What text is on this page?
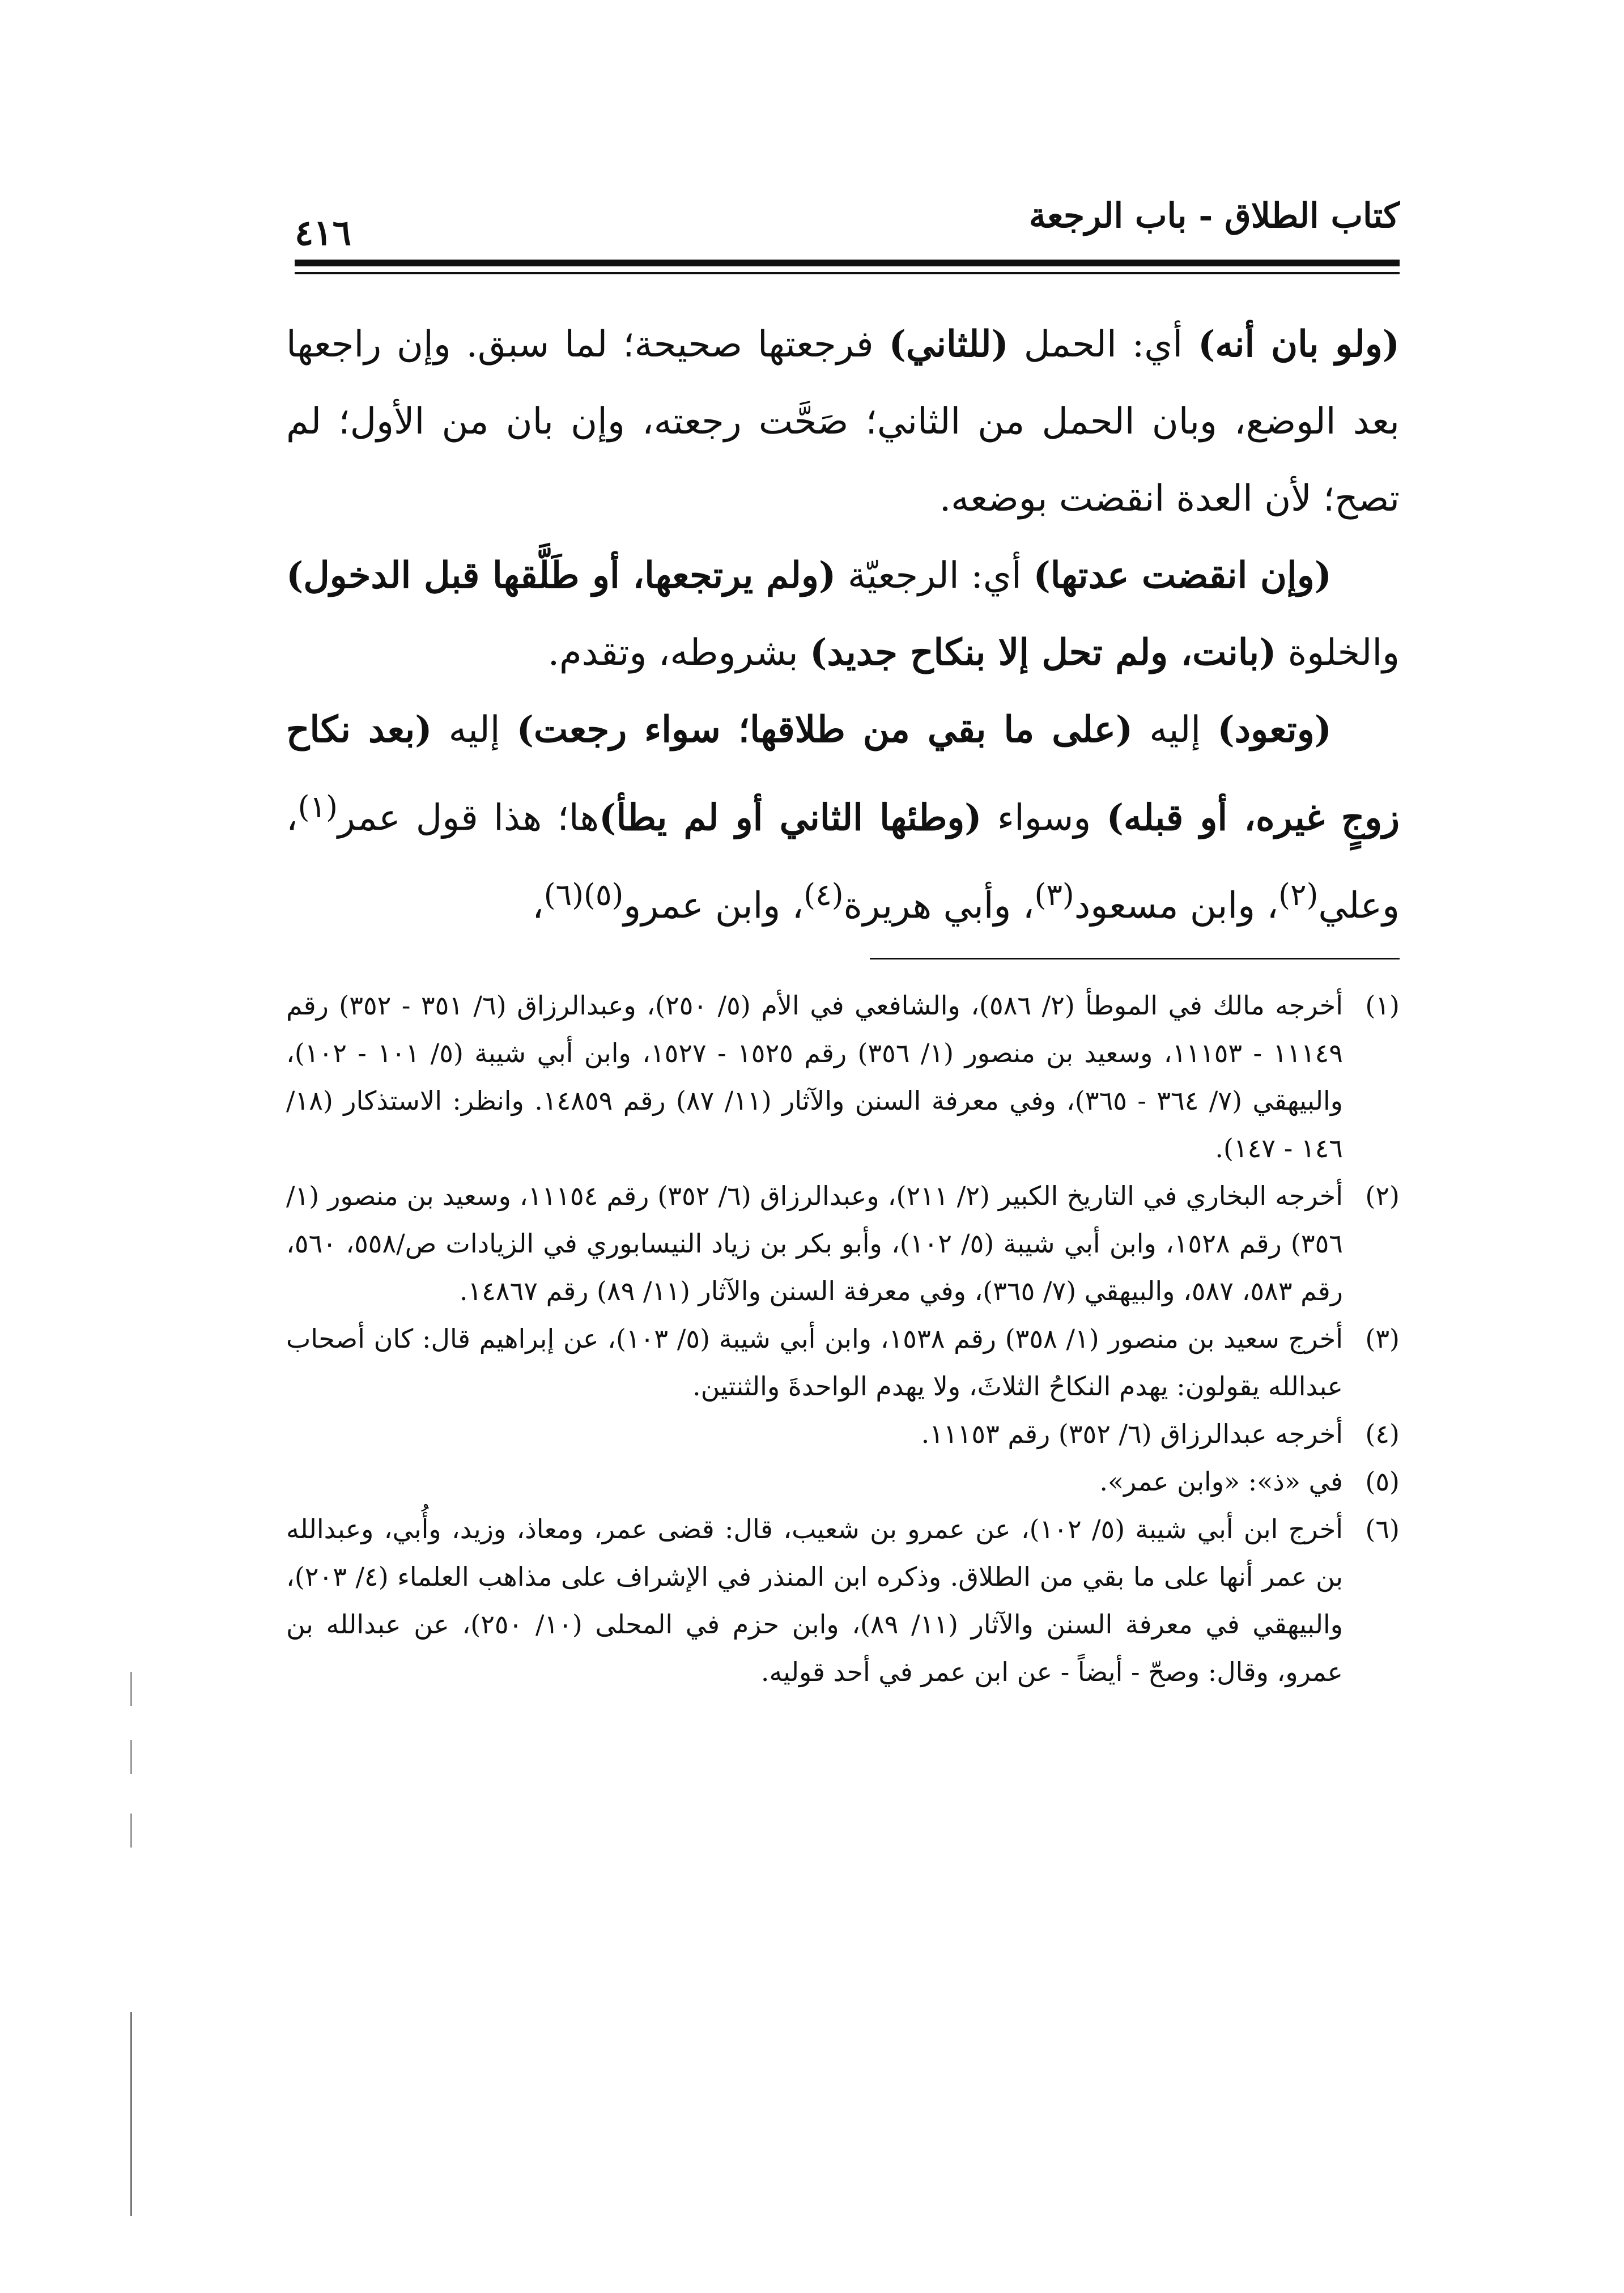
كتاب الطلاق - باب الرجعة
٤١٦

(ولو بان أنه) أي: الحمل (للثاني) فرجعتها صحيحة؛ لما سبق. وإن راجعها بعد الوضع، وبان الحمل من الثاني؛ صَحَّت رجعته، وإن بان من الأول؛ لم تصح؛ لأن العدة انقضت بوضعه.

(وإن انقضت عدتها) أي: الرجعيّة (ولم يرتجعها، أو طَلَّقها قبل الدخول) والخلوة (بانت، ولم تحل إلا بنكاح جديد) بشروطه، وتقدم.

(وتعود) إليه (على ما بقي من طلاقها؛ سواء رجعت) إليه (بعد نكاح زوجٍ غيره، أو قبله) وسواء (وطئها الثاني أو لم يطأ)ها؛ هذا قول عمر$^{(١)}$، وعلي$^{(٢)}$، وابن مسعود$^{(٣)}$، وأبي هريرة$^{(٤)}$، وابن عمرو$^{(٥)(٦)}$،

(١)
أخرجه مالك في الموطأ (٢/ ٥٨٦)، والشافعي في الأم (٥/ ٢٥٠)، وعبدالرزاق (٦/ ٣٥١ - ٣٥٢) رقم ١١١٤٩ - ١١١٥٣، وسعيد بن منصور (١/ ٣٥٦) رقم ١٥٢٥ - ١٥٢٧، وابن أبي شيبة (٥/ ١٠١ - ١٠٢)، والبيهقي (٧/ ٣٦٤ - ٣٦٥)، وفي معرفة السنن والآثار (١١/ ٨٧) رقم ١٤٨٥٩. وانظر: الاستذكار (١٨/ ١٤٦ - ١٤٧).
(٢)
أخرجه البخاري في التاريخ الكبير (٢/ ٢١١)، وعبدالرزاق (٦/ ٣٥٢) رقم ١١١٥٤، وسعيد بن منصور (١/ ٣٥٦) رقم ١٥٢٨، وابن أبي شيبة (٥/ ١٠٢)، وأبو بكر بن زياد النيسابوري في الزيادات ص/٥٥٨، ٥٦٠، رقم ٥٨٣، ٥٨٧، والبيهقي (٧/ ٣٦٥)، وفي معرفة السنن والآثار (١١/ ٨٩) رقم ١٤٨٦٧.
(٣)
أخرج سعيد بن منصور (١/ ٣٥٨) رقم ١٥٣٨، وابن أبي شيبة (٥/ ١٠٣)، عن إبراهيم قال: كان أصحاب عبدالله يقولون: يهدم النكاحُ الثلاثَ، ولا يهدم الواحدةَ والثنتين.
(٤)
أخرجه عبدالرزاق (٦/ ٣٥٢) رقم ١١١٥٣.
(٥)
في «ذ»: «وابن عمر».
(٦)
أخرج ابن أبي شيبة (٥/ ١٠٢)، عن عمرو بن شعيب، قال: قضى عمر، ومعاذ، وزيد، وأُبي، وعبدالله بن عمر أنها على ما بقي من الطلاق. وذكره ابن المنذر في الإشراف على مذاهب العلماء (٤/ ٢٠٣)، والبيهقي في معرفة السنن والآثار (١١/ ٨٩)، وابن حزم في المحلى (١٠/ ٢٥٠)، عن عبدالله بن عمرو، وقال: وصحّ - أيضاً - عن ابن عمر في أحد قوليه.
